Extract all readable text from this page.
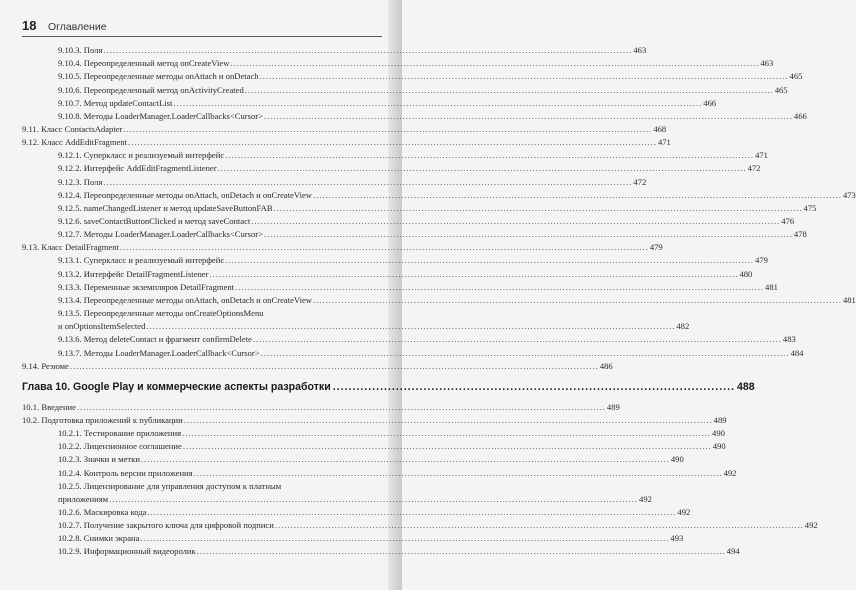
18 Оглавление
9.10.3. Поля .....	463
9.10.4. Переопределенный метод onCreateView .....	463
9.10.5. Переопределенные методы onAttach и onDetach .....	465
9.10.6. Переопределенный метод onActivityCreated .....	465
9.10.7. Метод updateContactList .....	466
9.10.8. Методы LoaderManager.LoaderCallbacks<Cursor> .....	466
9.11. Класс ContactsAdapter .....	468
9.12. Класс AddEditFragment .....	471
9.12.1. Суперкласс и реализуемый интерфейс .....	471
9.12.2. Интерфейс AddEditFragmentListener .....	472
9.12.3. Поля .....	472
9.12.4. Переопределенные методы onAttach, onDetach и onCreateView .....	473
9.12.5. nameChangedListener и метод updateSaveButtonFAB .....	475
9.12.6. saveContactButtonClicked и метод saveContact .....	476
9.12.7. Методы LoaderManager.LoaderCallbacks<Cursor> .....	478
9.13. Класс DetailFragment .....	479
9.13.1. Суперкласс и реализуемый интерфейс .....	479
9.13.2. Интерфейс DetailFragmentListener .....	480
9.13.3. Переменные экземпляров DetailFragment .....	481
9.13.4. Переопределенные методы onAttach, onDetach и onCreateView .....	481
9.13.5. Переопределенные методы onCreateOptionsMenu
и onOptionsItemSelected .....	482
9.13.6. Метод deleteContact и фрагмент confirmDelete .....	483
9.13.7. Методы LoaderManager.LoaderCallback<Cursor> .....	484
9.14. Резюме .....	486
Глава 10. Google Play и коммерческие аспекты разработки .....	488
10.1. Введение .....	489
10.2. Подготовка приложений к публикации .....	489
10.2.1. Тестирование приложения .....	490
10.2.2. Лицензионное соглашение .....	490
10.2.3. Значки и метки .....	490
10.2.4. Контроль версии приложения .....	492
10.2.5. Лицензирование для управления доступом к платным
приложениям .....	492
10.2.6. Маскировка кода .....	492
10.2.7. Получение закрытого ключа для цифровой подписи .....	492
10.2.8. Снимки экрана .....	493
10.2.9. Информационный видеоролик .....	494
